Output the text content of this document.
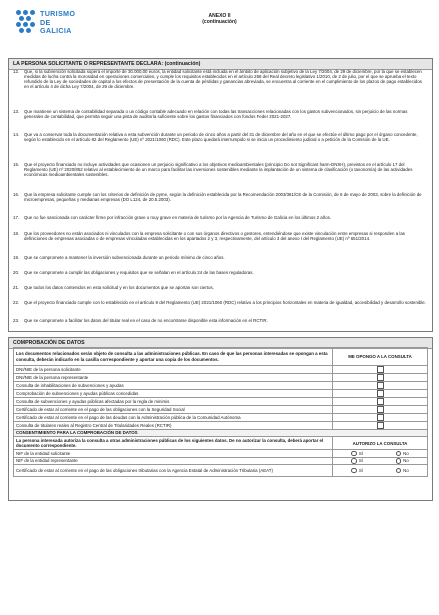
TURISMO
DE
GALICIA
ANEXO II
(continuación)
LA PERSONA SOLICITANTE O REPRESENTANTE DECLARA: (continuación)
12.	Que, si la subvención solicitada supera el importe de 30.000,00 euros, la entidad solicitante está incluida en el ámbito de aplicación subjetivo de la Ley 7/2004, de 29 de diciembre, por la que se establecen medidas de lucha contra la morosidad en operaciones comerciales, y cumple los requisitos establecidos en el artículo 258 del Real decreto legislativo 1/2010, de 2 de julio, por el que se aprueba el texto refundido de la Ley de sociedades de capital a los efectos de presentación de la cuenta de pérdidas y ganancias abreviada, se encuentra al corriente en el cumplimiento de los plazos de pago establecidos en el artículo 4 de dicha Ley 7/2004, de 29 de diciembre.
13.	Que mantiene un sistema de contabilidad separada o un código contable adecuado en relación con todas las transacciones relacionadas con los gastos subvencionados, sin perjuicio de las normas generales de contabilidad, que permita seguir una pista de auditoría suficiente sobre los gastos financiados con fondos Feder 2021-2027.
14.	Que va a conservar toda la documentación relativa a esta subvención durante un periodo de cinco años a partir del 31 de diciembre del año en el que se efectúe el último pago por el órgano concedente, según lo establecido en el artículo 82 del Reglamento (UE) nº 2021/1060 (RDC). Este plazo quedará interrumpido si se inicia un procedimiento judicial o a petición de la Comisión de la UE.
15.	Que el proyecto financiado no incluye actividades que ocasionen un perjuicio significativo a los objetivos medioambientales (principio Do not Significant harm-DNSH), previstos en el artículo 17 del Reglamento (UE) nº 2020/852 relativo al establecimiento de un marco para facilitar las inversiones sostenibles mediante la implantación de un sistema de clasificación (o taxonomía) de las actividades económicas medioambientales sostenibles.
16.	Que la empresa solicitante cumple con los criterios de definición de pyme, según la definición establecida por la Recomendación 2003/361/CE de la Comisión, de 6 de mayo de 2003, sobre la definición de microempresas, pequeñas y medianas empresas (DO L124, de 20.5.2003).
17.	Que no fue sancionada con carácter firme por infracción grave o muy grave en materia de turismo por la Agencia de Turismo de Galicia en los últimos 2 años.
18.	Que los proveedores no están asociados ni vinculados con la empresa solicitante o con sus órganos directivos o gestores, entendiéndose que existe vinculación entre empresas si responden a las definiciones de empresas asociadas o de empresas vinculadas establecidas en los apartados 2 y 3, respectivamente, del artículo 3 del anexo I del Reglamento (UE) nº 651/2014.
19.	Que se compromete a mantener la inversión subvencionada durante un periodo mínimo de cinco años.
20.	Que se compromete a cumplir las obligaciones y requisitos que se señalan en el artículo 24 de las bases reguladoras.
21.	Que todos los datos contenidos en esta solicitud y en los documentos que se aportan son ciertos.
22.	Que el proyecto financiado cumple con lo establecido en el artículo 9 del Reglamento (UE) 2021/1060 (RDC) relativo a los principios horizontales en materia de igualdad, accesibilidad y desarrollo sostenible.
23.	Que se compromete a facilitar los datos del titular real en el caso de no encontrarse disponible esta información en el RCTIR.
COMPROBACIÓN DE DATOS
Los documentos relacionados serán objeto de consulta a las administraciones públicas. En caso de que las personas interesadas se opongan a esta consulta, deberán indicarlo en la casilla correspondiente y aportar una copia de los documentos.	ME OPONGO A LA CONSULTA
DNI/NIE de la persona solicitante	
DNI/NIE de la persona representante	
Consulta de inhabilitaciones de subvenciones y ayudas	
Comprobación de subvenciones y ayudas públicas concedidas	
Consulta de subvenciones y ayudas públicas afectadas por la regla de minimis	
Certificado de estar al corriente en el pago de las obligaciones con la Seguridad Social	
Certificado de estar al corriente en el pago de las deudas con la Administración pública de la Comunidad Autónoma	
Consulta de titulares reales al Registro Central de Titularidades Reales (RCTIR)	
CONSENTIMIENTO PARA LA COMPROBACIÓN DE DATOS	
La persona interesada autoriza la consulta a otras administraciones públicas de los siguientes datos. De no autorizar la consulta, deberá aportar el documento correspondiente.	AUTORIZO LA CONSULTA
NIF de la entidad solicitante	Sí No

NIF de la entidad representante	Sí No

Certificado de estar al corriente en el pago de las obligaciones tributarias con la Agencia Estatal de Administración Tributaria (AEAT)	Sí No
